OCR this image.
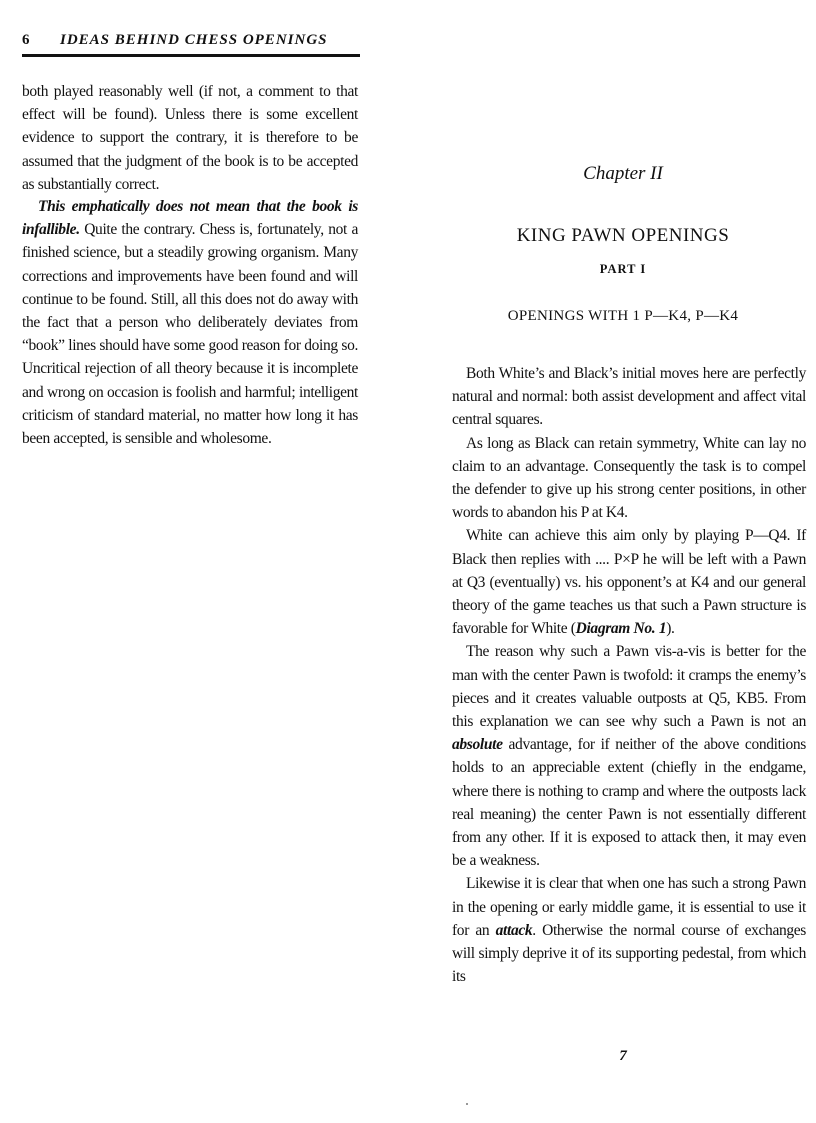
6 IDEAS BEHIND CHESS OPENINGS

both played reasonably well (if not, a comment to that effect will be found). Unless there is some excellent evidence to support the contrary, it is therefore to be assumed that the judgment of the book is to be accepted as substantially correct.

This emphatically does not mean that the book is infallible. Quite the contrary. Chess is, fortunately, not a finished science, but a steadily growing organism. Many corrections and improvements have been found and will continue to be found. Still, all this does not do away with the fact that a person who deliberately deviates from “book” lines should have some good reason for doing so. Uncritical rejection of all theory because it is incomplete and wrong on occasion is foolish and harmful; intelligent criticism of standard material, no matter how long it has been accepted, is sensible and wholesome.

Chapter II
KING PAWN OPENINGS
PART I
OPENINGS WITH 1 P—K4, P—K4

Both White’s and Black’s initial moves here are perfectly natural and normal: both assist development and affect vital central squares.

As long as Black can retain symmetry, White can lay no claim to an advantage. Consequently the task is to compel the defender to give up his strong center positions, in other words to abandon his P at K4.

White can achieve this aim only by playing P—Q4. If Black then replies with .... P×P he will be left with a Pawn at Q3 (eventually) vs. his opponent’s at K4 and our general theory of the game teaches us that such a Pawn structure is favorable for White (Diagram No. 1).

The reason why such a Pawn vis-a-vis is better for the man with the center Pawn is twofold: it cramps the enemy’s pieces and it creates valuable outposts at Q5, KB5. From this explanation we can see why such a Pawn is not an absolute advantage, for if neither of the above conditions holds to an appreciable extent (chiefly in the endgame, where there is nothing to cramp and where the outposts lack real meaning) the center Pawn is not essentially different from any other. If it is exposed to attack then, it may even be a weakness.

Likewise it is clear that when one has such a strong Pawn in the opening or early middle game, it is essential to use it for an attack. Otherwise the normal course of exchanges will simply deprive it of its supporting pedestal, from which its

7
